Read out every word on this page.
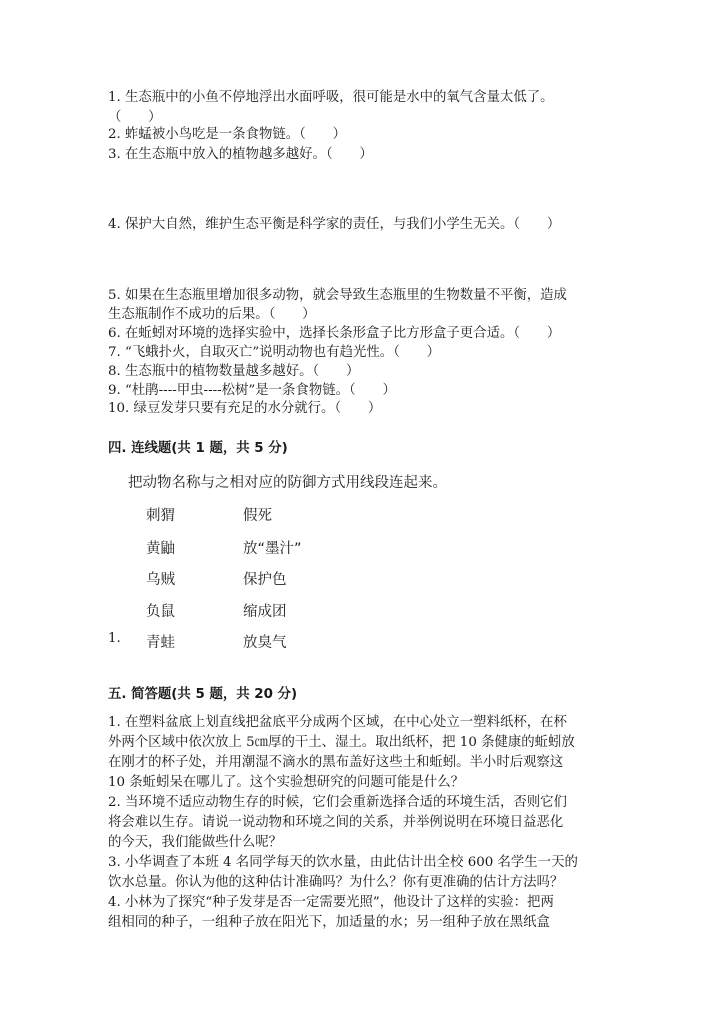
1. 生态瓶中的小鱼不停地浮出水面呼吸，很可能是水中的氧气含量太低了。
（　　）
2. 蚱蜢被小鸟吃是一条食物链。（　　）
3. 在生态瓶中放入的植物越多越好。（　　）
4. 保护大自然，维护生态平衡是科学家的责任，与我们小学生无关。（　　）
5. 如果在生态瓶里增加很多动物，就会导致生态瓶里的生物数量不平衡，造成
生态瓶制作不成功的后果。（　　）
6. 在蚯蚓对环境的选择实验中，选择长条形盒子比方形盒子更合适。（　　）
7. “飞蛾扑火，自取灭亡”说明动物也有趋光性。（　　）
8. 生态瓶中的植物数量越多越好。（　　）
9. “杜鹃----甲虫----松树”是一条食物链。（　　）
10. 绿豆发芽只要有充足的水分就行。（　　）
四. 连线题(共 1 题，共 5 分)
把动物名称与之相对应的防御方式用线段连起来。
刺猬	假死
黄鼬	放“墨汁”
乌贼	保护色
负鼠	缩成团
1. 青蛙	放臭气
五. 简答题(共 5 题，共 20 分)
1. 在塑料盆底上划直线把盆底平分成两个区域，在中心处立一塑料纸杯，在杯
外两个区域中依次放上 5㎝厚的干土、湿土。取出纸杯，把 10 条健康的蚯蚓放
在刚才的杯子处，并用潮湿不滴水的黑布盖好这些土和蚯蚓。半小时后观察这
10 条蚯蚓呆在哪儿了。这个实验想研究的问题可能是什么？
2. 当环境不适应动物生存的时候，它们会重新选择合适的环境生活，否则它们
将会难以生存。请说一说动物和环境之间的关系，并举例说明在环境日益恶化
的今天，我们能做些什么呢？
3. 小华调查了本班 4 名同学每天的饮水量，由此估计出全校 600 名学生一天的
饮水总量。你认为他的这种估计准确吗？为什么？你有更准确的估计方法吗？
4. 小林为了探究“种子发芽是否一定需要光照”，他设计了这样的实验：把两
组相同的种子，一组种子放在阳光下，加适量的水；另一组种子放在黑纸盒
